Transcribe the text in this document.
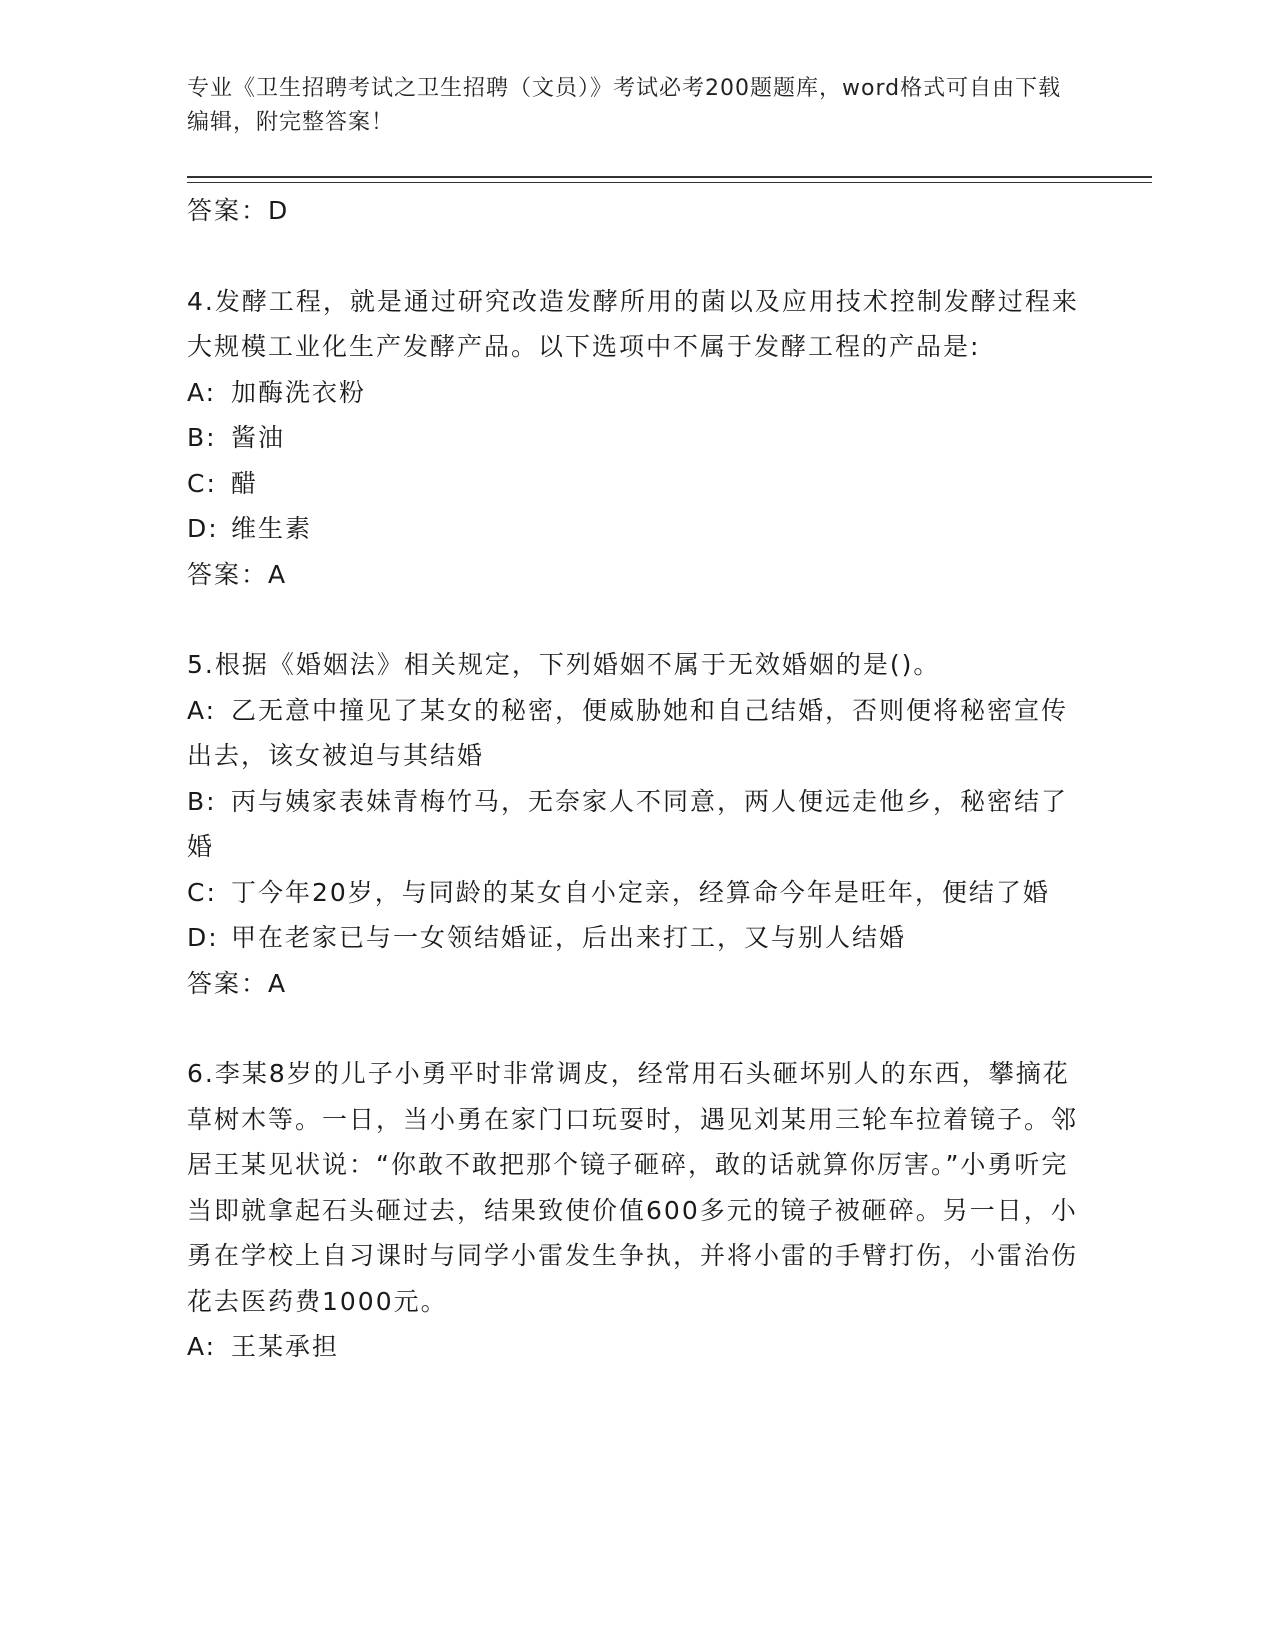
专业《卫生招聘考试之卫生招聘（文员）》考试必考200题题库，word格式可自由下载编辑，附完整答案！

答案：D

4.发酵工程，就是通过研究改造发酵所用的菌以及应用技术控制发酵过程来大规模工业化生产发酵产品。以下选项中不属于发酵工程的产品是:

A: 加酶洗衣粉

B: 酱油

C: 醋

D: 维生素

答案：A

5.根据《婚姻法》相关规定，下列婚姻不属于无效婚姻的是()。

A: 乙无意中撞见了某女的秘密，便威胁她和自己结婚，否则便将秘密宣传出去，该女被迫与其结婚

B: 丙与姨家表妹青梅竹马，无奈家人不同意，两人便远走他乡，秘密结了婚

C: 丁今年20岁，与同龄的某女自小定亲，经算命今年是旺年，便结了婚

D: 甲在老家已与一女领结婚证，后出来打工，又与别人结婚

答案：A

6.李某8岁的儿子小勇平时非常调皮，经常用石头砸坏别人的东西，攀摘花草树木等。一日，当小勇在家门口玩耍时，遇见刘某用三轮车拉着镜子。邻居王某见状说：“你敢不敢把那个镜子砸碎，敢的话就算你厉害。”小勇听完当即就拿起石头砸过去，结果致使价值600多元的镜子被砸碎。另一日，小勇在学校上自习课时与同学小雷发生争执，并将小雷的手臂打伤，小雷治伤花去医药费1000元。

A: 王某承担
